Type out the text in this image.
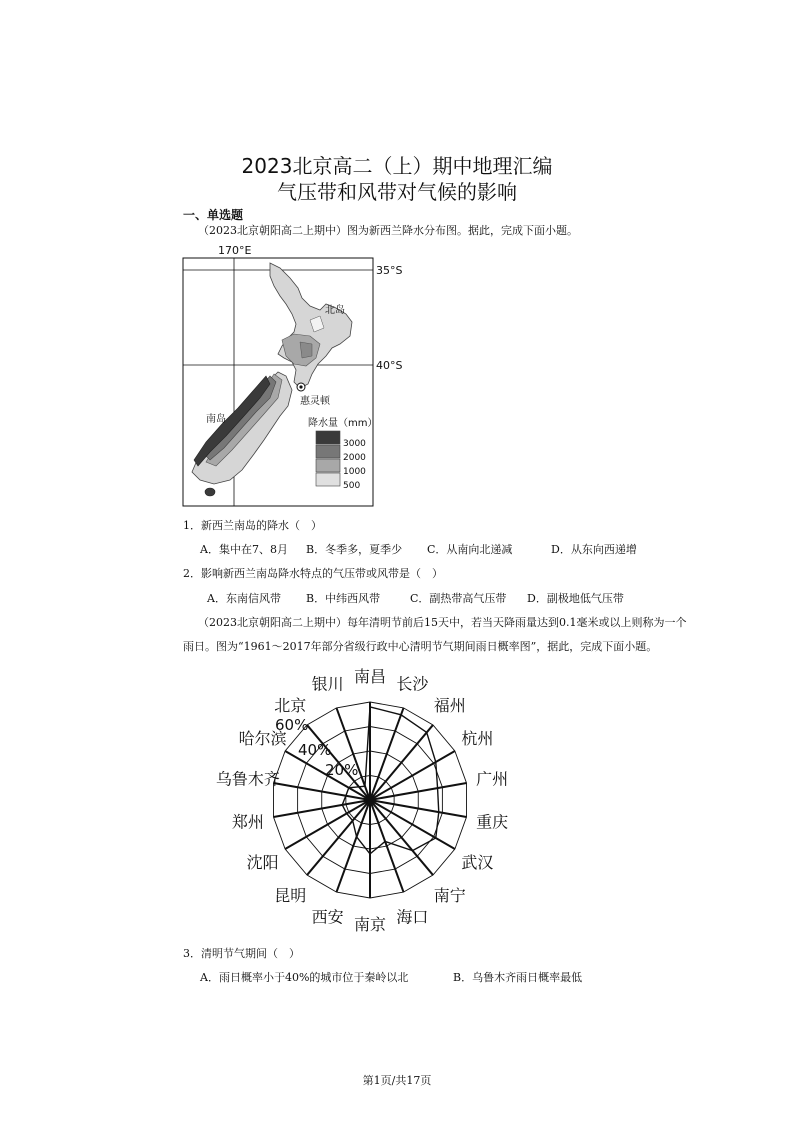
2023北京高二（上）期中地理汇编
气压带和风带对气候的影响
一、单选题
（2023北京朝阳高二上期中）图为新西兰降水分布图。据此，完成下面小题。
170°E
35°S
40°S
北岛
南岛
惠灵顿
降水量（mm）
3000
2000
1000
500
1．新西兰南岛的降水（　）
A．集中在7、8月 B．冬季多，夏季少 C．从南向北递减	D．从东向西递增
2．影响新西兰南岛降水特点的气压带或风带是（　）
A．东南信风带 B．中纬西风带	C．副热带高气压带 D．副极地低气压带
（2023北京朝阳高二上期中）每年清明节前后15天中，若当天降雨量达到0.1毫米或以上则称为一个
雨日。图为“1961～2017年部分省级行政中心清明节气期间雨日概率图”，据此，完成下面小题。
南昌 长沙
福州
杭州
广州
重庆
武汉
南宁
海口
南京
西安
昆明
沈阳
郑州
乌鲁木齐
哈尔滨
北京
银川
20%
40%
60%
3．清明节气期间（　）
A．雨日概率小于40%的城市位于秦岭以北	B．乌鲁木齐雨日概率最低
第1页/共17页
